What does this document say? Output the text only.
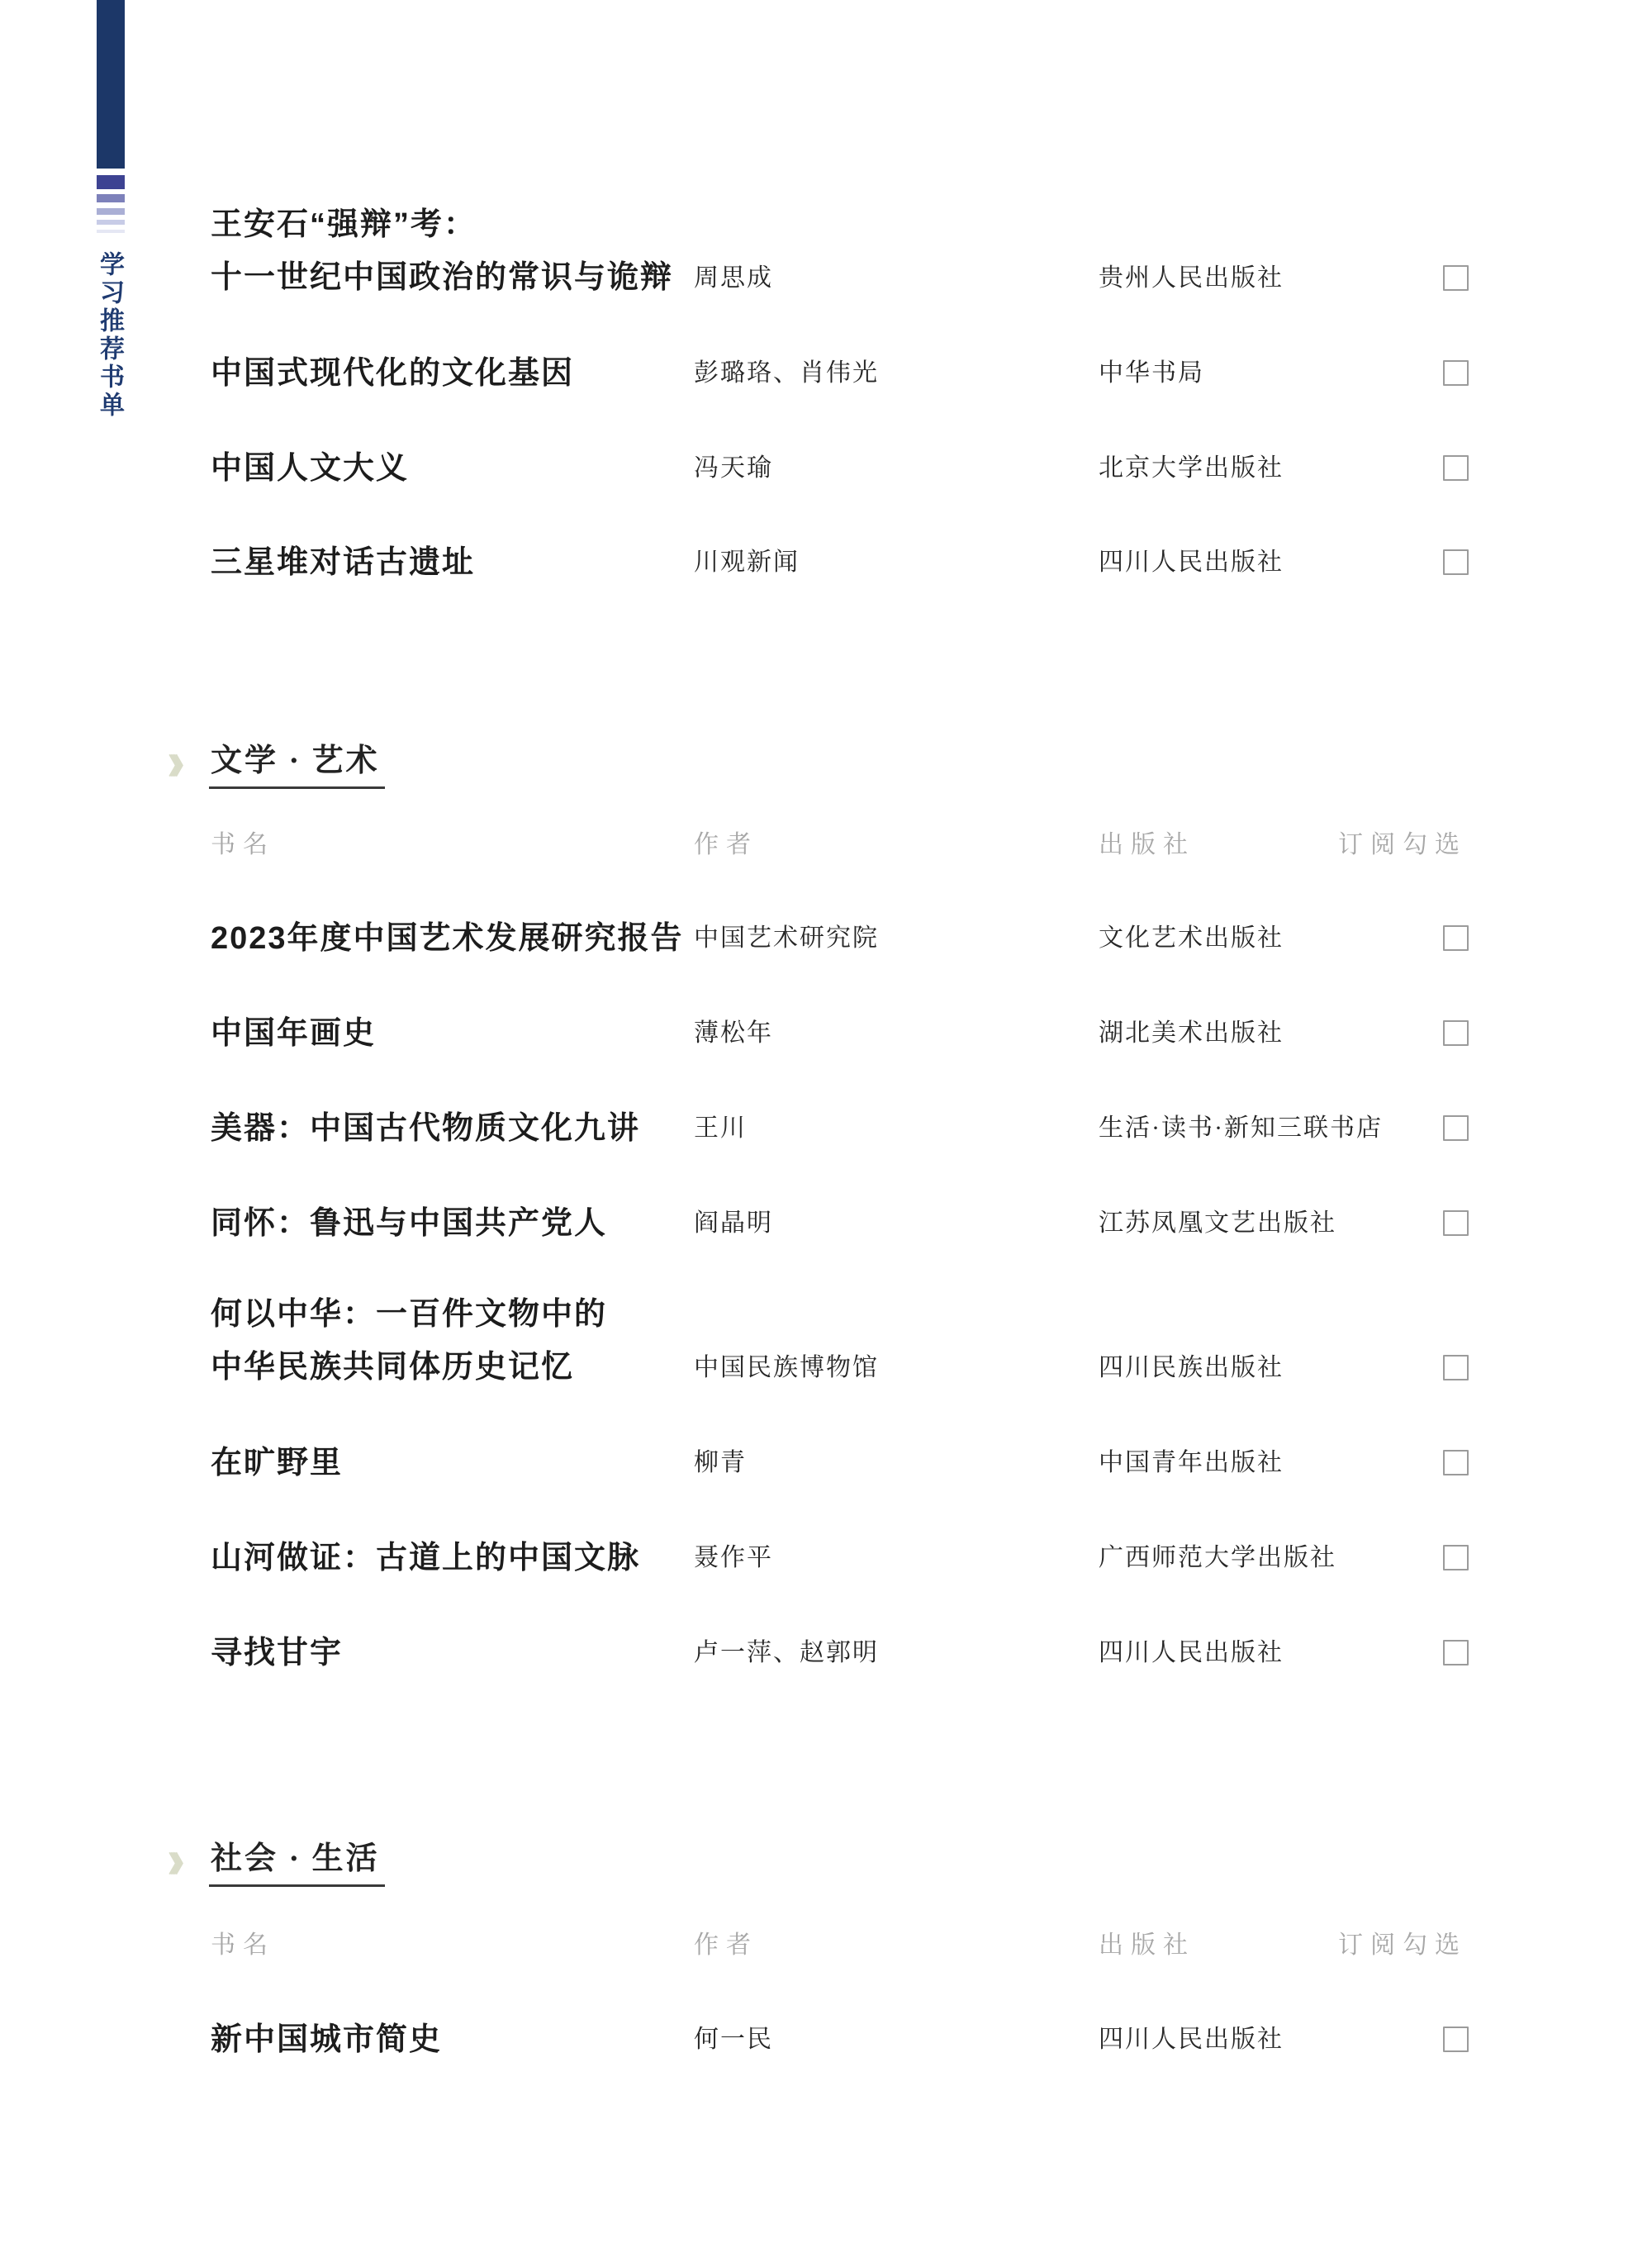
学习推荐书单
王安石“强辩”考：
十一世纪中国政治的常识与诡辩 周思成	贵州人民出版社
中国式现代化的文化基因	彭璐珞、肖伟光	中华书局
中国人文大义	冯天瑜	北京大学出版社
三星堆对话古遗址	川观新闻	四川人民出版社
》》》 文学 · 艺术
书名	作者	出版社	订阅勾选
2023年度中国艺术发展研究报告 中国艺术研究院	文化艺术出版社
中国年画史	薄松年	湖北美术出版社
美器：中国古代物质文化九讲 王川	生活·读书·新知三联书店
同怀：鲁迅与中国共产党人	阎晶明	江苏凤凰文艺出版社
何以中华：一百件文物中的
中华民族共同体历史记忆	中国民族博物馆	四川民族出版社
在旷野里	柳青	中国青年出版社
山河做证：古道上的中国文脉 聂作平	广西师范大学出版社
寻找甘宇	卢一萍、赵郭明	四川人民出版社
》》》 社会 · 生活
书名	作者	出版社	订阅勾选
新中国城市简史	何一民	四川人民出版社
